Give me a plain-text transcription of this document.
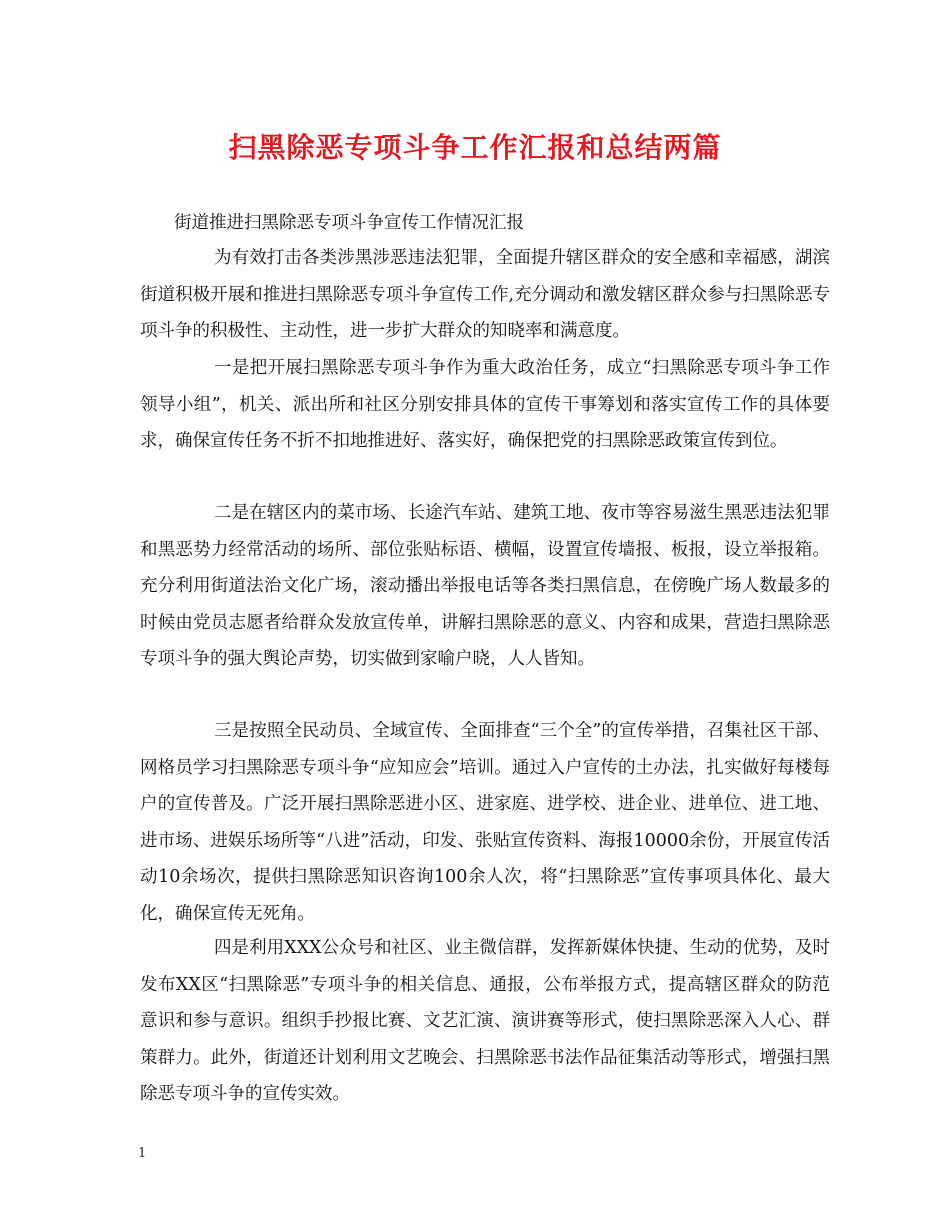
扫黑除恶专项斗争工作汇报和总结两篇
街道推进扫黑除恶专项斗争宣传工作情况汇报

为有效打击各类涉黑涉恶违法犯罪，全面提升辖区群众的安全感和幸福感，湖滨街道积极开展和推进扫黑除恶专项斗争宣传工作,充分调动和激发辖区群众参与扫黑除恶专项斗争的积极性、主动性，进一步扩大群众的知晓率和满意度。

一是把开展扫黑除恶专项斗争作为重大政治任务，成立“扫黑除恶专项斗争工作领导小组”，机关、派出所和社区分别安排具体的宣传干事筹划和落实宣传工作的具体要求，确保宣传任务不折不扣地推进好、落实好，确保把党的扫黑除恶政策宣传到位。

二是在辖区内的菜市场、长途汽车站、建筑工地、夜市等容易滋生黑恶违法犯罪和黑恶势力经常活动的场所、部位张贴标语、横幅，设置宣传墙报、板报，设立举报箱。充分利用街道法治文化广场，滚动播出举报电话等各类扫黑信息，在傍晚广场人数最多的时候由党员志愿者给群众发放宣传单，讲解扫黑除恶的意义、内容和成果，营造扫黑除恶专项斗争的强大舆论声势，切实做到家喻户晓，人人皆知。

三是按照全民动员、全域宣传、全面排查“三个全”的宣传举措，召集社区干部、网格员学习扫黑除恶专项斗争“应知应会”培训。通过入户宣传的土办法，扎实做好每楼每户的宣传普及。广泛开展扫黑除恶进小区、进家庭、进学校、进企业、进单位、进工地、进市场、进娱乐场所等“八进”活动，印发、张贴宣传资料、海报10000余份，开展宣传活动10余场次，提供扫黑除恶知识咨询100余人次，将“扫黑除恶”宣传事项具体化、最大化，确保宣传无死角。

四是利用XXX公众号和社区、业主微信群，发挥新媒体快捷、生动的优势，及时发布XX区“扫黑除恶”专项斗争的相关信息、通报，公布举报方式，提高辖区群众的防范意识和参与意识。组织手抄报比赛、文艺汇演、演讲赛等形式，使扫黑除恶深入人心、群策群力。此外，街道还计划利用文艺晚会、扫黑除恶书法作品征集活动等形式，增强扫黑除恶专项斗争的宣传实效。

1
